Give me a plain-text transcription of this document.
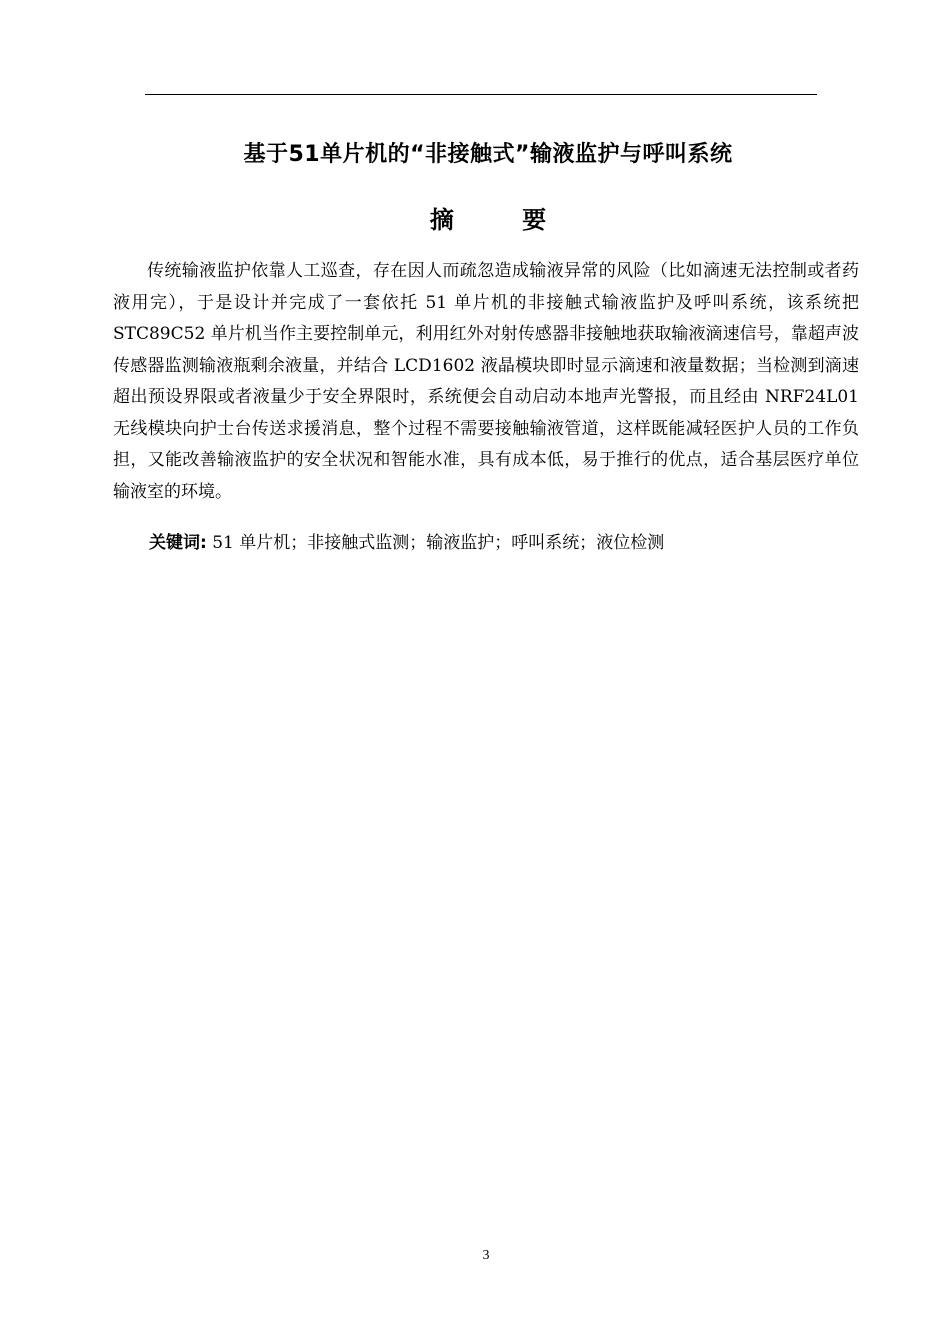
基于51单片机的“非接触式”输液监护与呼叫系统
摘 要

传统输液监护依靠人工巡查，存在因人而疏忽造成输液异常的风险（比如滴速无法控制或者药液用完），于是设计并完成了一套依托 51 单片机的非接触式输液监护及呼叫系统，该系统把 STC89C52 单片机当作主要控制单元，利用红外对射传感器非接触地获取输液滴速信号，靠超声波传感器监测输液瓶剩余液量，并结合 LCD1602 液晶模块即时显示滴速和液量数据；当检测到滴速超出预设界限或者液量少于安全界限时，系统便会自动启动本地声光警报，而且经由 NRF24L01 无线模块向护士台传送求援消息，整个过程不需要接触输液管道，这样既能减轻医护人员的工作负担，又能改善输液监护的安全状况和智能水准，具有成本低，易于推行的优点，适合基层医疗单位输液室的环境。

关键词: 51 单片机；非接触式监测；输液监护；呼叫系统；液位检测
3
